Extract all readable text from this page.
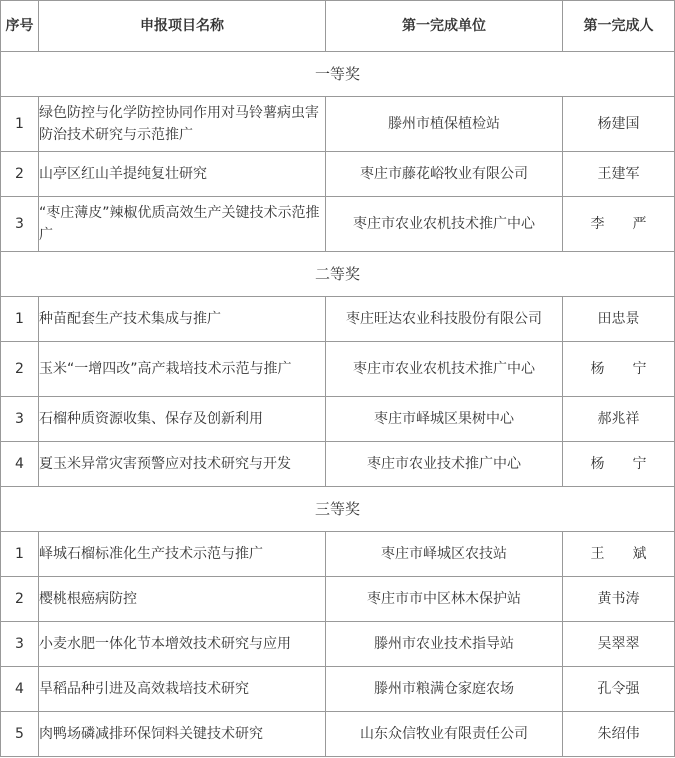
序号	申报项目名称	第一完成单位	第一完成人
一等奖			
1	绿色防控与化学防控协同作用对马铃薯病虫害防治技术研究与示范推广	滕州市植保植检站	杨建国
2	山亭区红山羊提纯复壮研究	枣庄市藤花峪牧业有限公司	王建军
3	“枣庄薄皮”辣椒优质高效生产关键技术示范推广	枣庄市农业农机技术推广中心	李　　严
二等奖			
1	种苗配套生产技术集成与推广	枣庄旺达农业科技股份有限公司	田忠景
2	玉米“一增四改”高产栽培技术示范与推广	枣庄市农业农机技术推广中心	杨　　宁
3	石榴种质资源收集、保存及创新利用	枣庄市峄城区果树中心	郝兆祥
4	夏玉米异常灾害预警应对技术研究与开发	枣庄市农业技术推广中心	杨　　宁
三等奖			
1	峄城石榴标准化生产技术示范与推广	枣庄市峄城区农技站	王　　斌
2	樱桃根癌病防控	枣庄市市中区林木保护站	黄书涛
3	小麦水肥一体化节本增效技术研究与应用	滕州市农业技术指导站	吴翠翠
4	旱稻品种引进及高效栽培技术研究	滕州市粮满仓家庭农场	孔令强
5	肉鸭场磷减排环保饲料关键技术研究	山东众信牧业有限责任公司	朱绍伟
